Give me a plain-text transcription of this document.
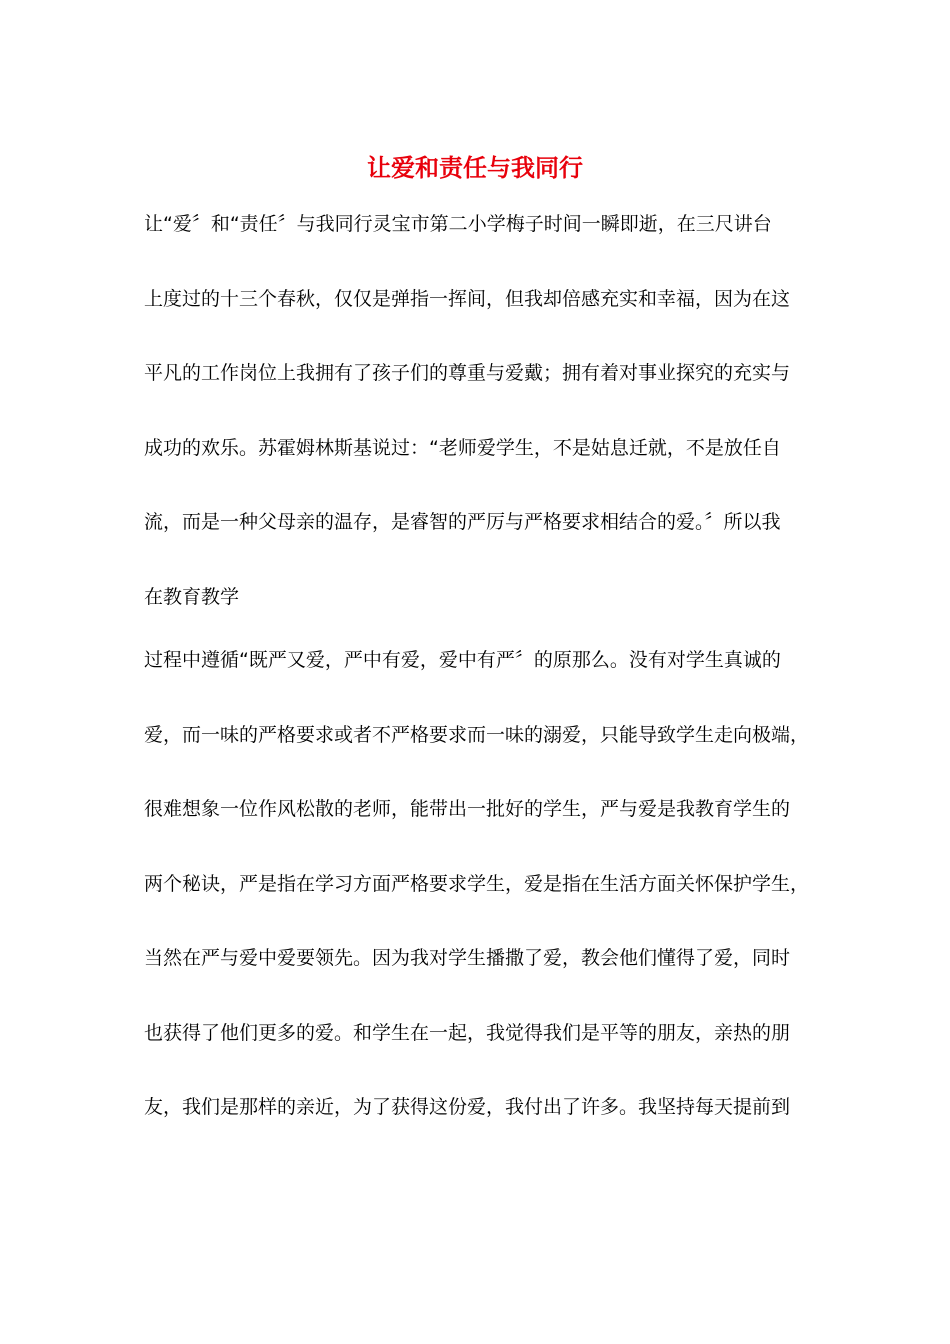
让爱和责任与我同行

让“爱〞和“责任〞与我同行灵宝市第二小学梅子时间一瞬即逝，在三尺讲台

上度过的十三个春秋，仅仅是弹指一挥间，但我却倍感充实和幸福，因为在这

平凡的工作岗位上我拥有了孩子们的尊重与爱戴；拥有着对事业探究的充实与

成功的欢乐。苏霍姆林斯基说过：“老师爱学生，不是姑息迁就，不是放任自

流，而是一种父母亲的温存，是睿智的严厉与严格要求相结合的爱。〞所以我

在教育教学

过程中遵循“既严又爱，严中有爱，爱中有严〞的原那么。没有对学生真诚的

爱，而一味的严格要求或者不严格要求而一味的溺爱，只能导致学生走向极端，

很难想象一位作风松散的老师，能带出一批好的学生，严与爱是我教育学生的

两个秘诀，严是指在学习方面严格要求学生，爱是指在生活方面关怀保护学生，

当然在严与爱中爱要领先。因为我对学生播撒了爱，教会他们懂得了爱，同时

也获得了他们更多的爱。和学生在一起，我觉得我们是平等的朋友，亲热的朋

友，我们是那样的亲近，为了获得这份爱，我付出了许多。我坚持每天提前到
